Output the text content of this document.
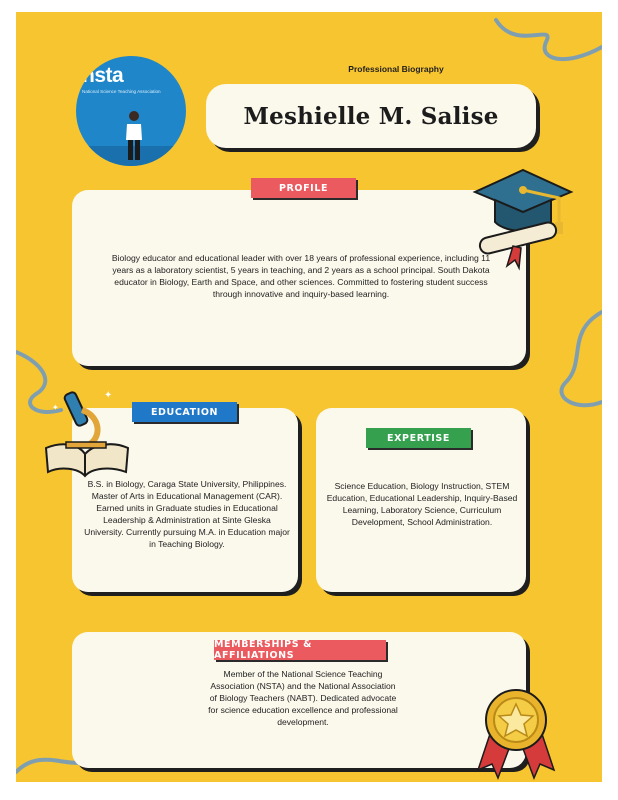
Professional Biography
nsta
National Science Teaching Association
Meshielle M. Salise
PROFILE
Biology educator and educational leader with over 18 years of professional experience, including 11 years as a laboratory scientist, 5 years in teaching, and 2 years as a school principal. South Dakota educator in Biology, Earth and Space, and other sciences. Committed to fostering student success through innovative and inquiry-based learning.
EDUCATION
B.S. in Biology, Caraga State University, Philippines. Master of Arts in Educational Management (CAR). Earned units in Graduate studies in Educational Leadership & Administration at Sinte Gleska University. Currently pursuing M.A. in Education major in Teaching Biology.
✦
✦
EXPERTISE
Science Education, Biology Instruction, STEM Education, Educational Leadership, Inquiry-Based Learning, Laboratory Science, Curriculum Development, School Administration.
MEMBERSHIPS & AFFILIATIONS
Member of the National Science Teaching Association (NSTA) and the National Association of Biology Teachers (NABT). Dedicated advocate for science education excellence and professional development.
